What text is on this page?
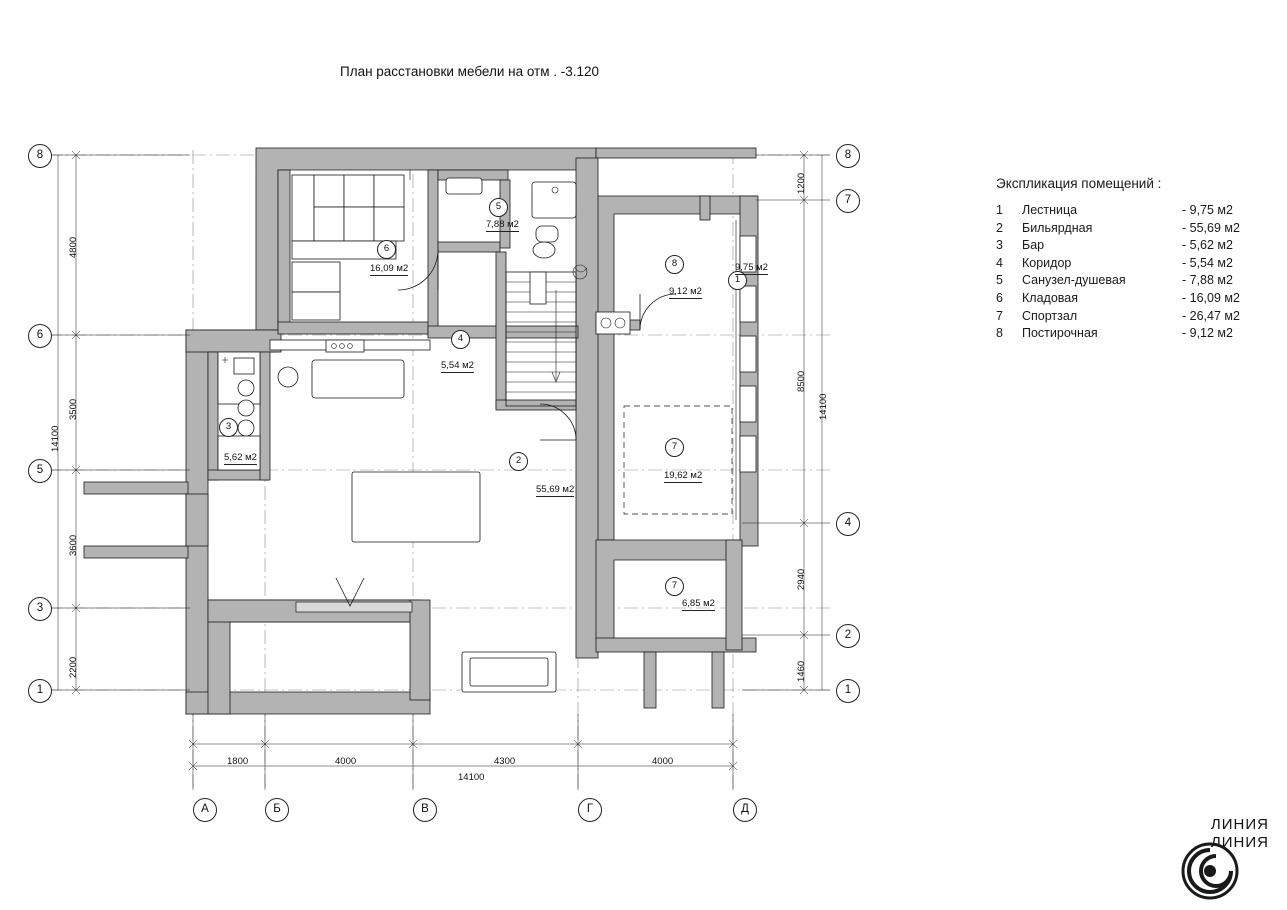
План расстановки мебели на отм . -3.120
8
6
5
3
1
8
7
4
2
1
А	Б	В	Г	Д
1
9,75 м2
2
55,69 м2
3
5,62 м2
4
5,54 м2
5
7,88 м2
6
16,09 м2
7
19,62 м2
7
6,85 м2
8
9,12 м2
1800	4000	4300	4000
14100
4800
3500
3600
2200
14100
1200
8500
2940
1460
14100
Экспликация помещений :
1	Лестница	- 9,75 м2
2	Бильярдная	- 55,69 м2
3	Бар	- 5,62 м2
4	Коридор	- 5,54 м2
5	Санузел-душевая	- 7,88 м2
6	Кладовая	- 16,09 м2
7	Спортзал	- 26,47 м2
8	Постирочная	- 9,12 м2
ЛИНИЯ
ЛИНИЯ
